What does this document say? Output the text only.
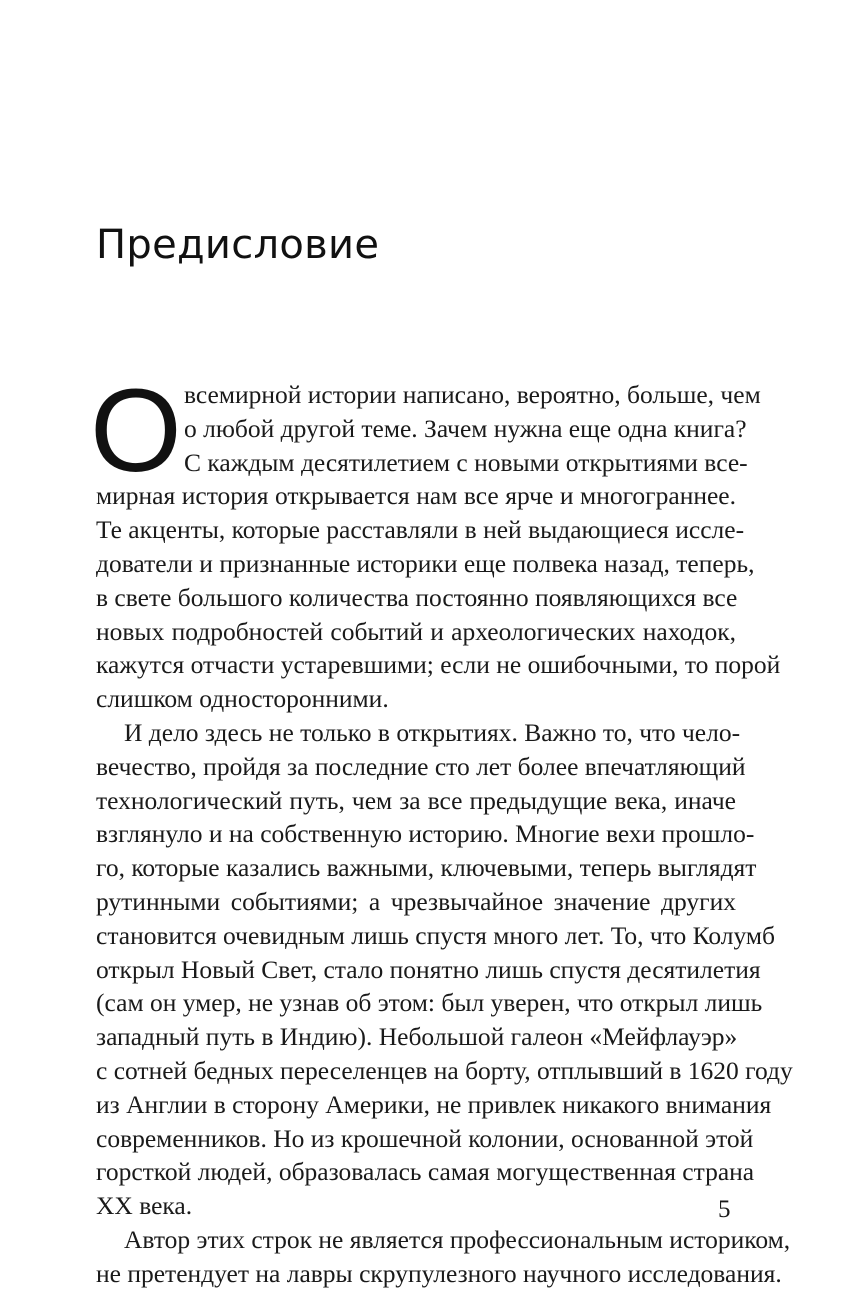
Предисловие
О всемирной истории написано, вероятно, больше, чем
о любой другой теме. Зачем нужна еще одна книга?
С каждым десятилетием с новыми открытиями все-
мирная история открывается нам все ярче и многограннее.
Те акценты, которые расставляли в ней выдающиеся иссле-
дователи и признанные историки еще полвека назад, теперь,
в свете большого количества постоянно появляющихся все
новых подробностей событий и археологических находок,
кажутся отчасти устаревшими; если не ошибочными, то порой
слишком односторонними.
И дело здесь не только в открытиях. Важно то, что чело-
вечество, пройдя за последние сто лет более впечатляющий
технологический путь, чем за все предыдущие века, иначе
взглянуло и на собственную историю. Многие вехи прошло-
го, которые казались важными, ключевыми, теперь выглядят
рутинными событиями; а чрезвычайное значение других
становится очевидным лишь спустя много лет. То, что Колумб
открыл Новый Свет, стало понятно лишь спустя десятилетия
(сам он умер, не узнав об этом: был уверен, что открыл лишь
западный путь в Индию). Небольшой галеон «Мейфлауэр»
с сотней бедных переселенцев на борту, отплывший в 1620 году
из Англии в сторону Америки, не привлек никакого внимания
современников. Но из крошечной колонии, основанной этой
горсткой людей, образовалась самая могущественная страна
XX века.
Автор этих строк не является профессиональным историком,
не претендует на лавры скрупулезного научного исследования.
5
